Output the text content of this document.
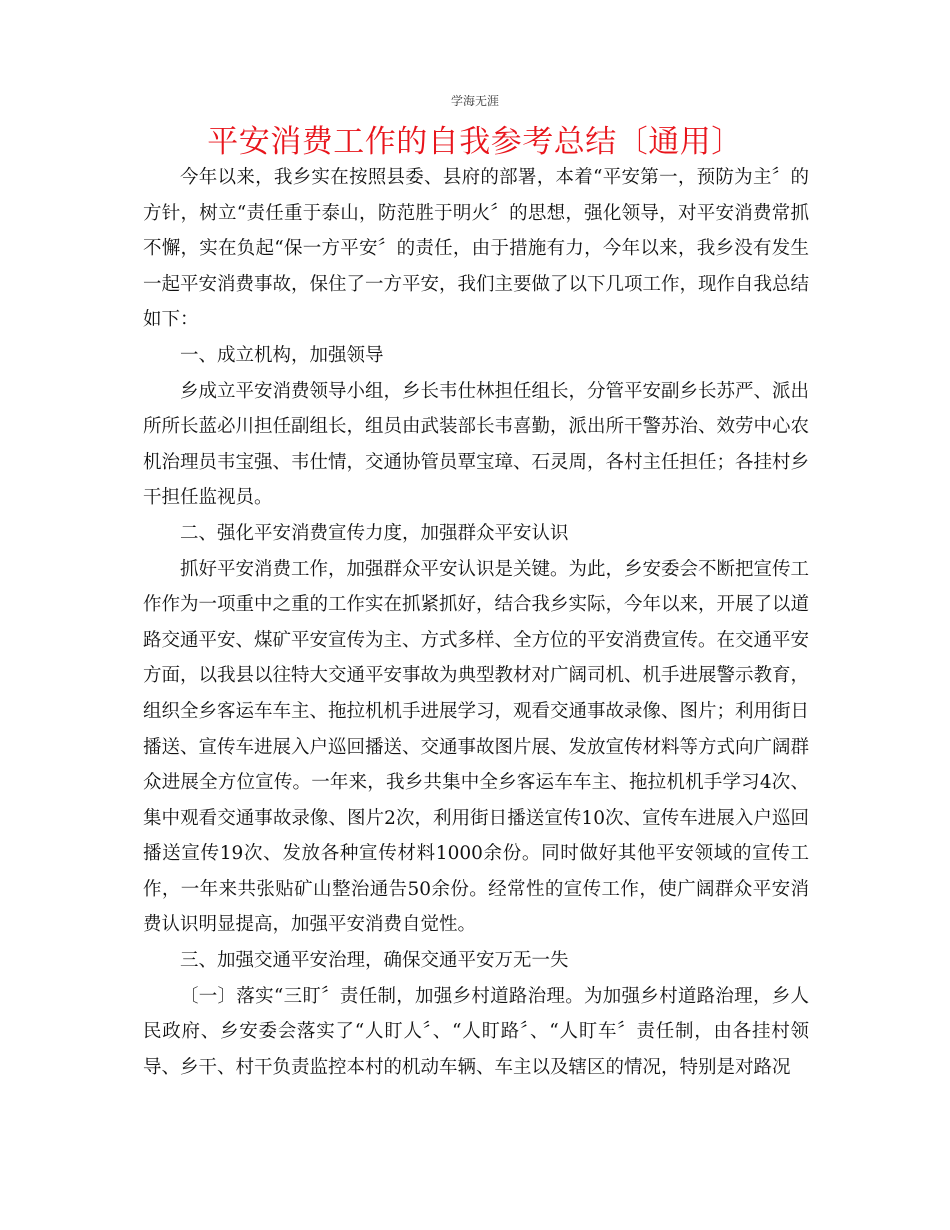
学海无涯
平安消费工作的自我参考总结〔通用〕

今年以来，我乡实在按照县委、县府的部署，本着“平安第一，预防为主〞的方针，树立“责任重于泰山，防范胜于明火〞的思想，强化领导，对平安消费常抓不懈，实在负起“保一方平安〞的责任，由于措施有力，今年以来，我乡没有发生一起平安消费事故，保住了一方平安，我们主要做了以下几项工作，现作自我总结如下：

一、成立机构，加强领导

乡成立平安消费领导小组，乡长韦仕林担任组长，分管平安副乡长苏严、派出所所长蓝必川担任副组长，组员由武装部长韦喜勤，派出所干警苏治、效劳中心农机治理员韦宝强、韦仕情，交通协管员覃宝璋、石灵周，各村主任担任；各挂村乡干担任监视员。

二、强化平安消费宣传力度，加强群众平安认识

抓好平安消费工作，加强群众平安认识是关键。为此，乡安委会不断把宣传工作作为一项重中之重的工作实在抓紧抓好，结合我乡实际，今年以来，开展了以道路交通平安、煤矿平安宣传为主、方式多样、全方位的平安消费宣传。在交通平安方面，以我县以往特大交通平安事故为典型教材对广阔司机、机手进展警示教育，组织全乡客运车车主、拖拉机机手进展学习，观看交通事故录像、图片；利用街日播送、宣传车进展入户巡回播送、交通事故图片展、发放宣传材料等方式向广阔群众进展全方位宣传。一年来，我乡共集中全乡客运车车主、拖拉机机手学习4次、集中观看交通事故录像、图片2次，利用街日播送宣传10次、宣传车进展入户巡回播送宣传19次、发放各种宣传材料1000余份。同时做好其他平安领域的宣传工作，一年来共张贴矿山整治通告50余份。经常性的宣传工作，使广阔群众平安消费认识明显提高，加强平安消费自觉性。

三、加强交通平安治理，确保交通平安万无一失

〔一〕落实“三盯〞责任制，加强乡村道路治理。为加强乡村道路治理，乡人民政府、乡安委会落实了“人盯人〞、“人盯路〞、“人盯车〞责任制，由各挂村领导、乡干、村干负责监控本村的机动车辆、车主以及辖区的情况，特别是对路况
